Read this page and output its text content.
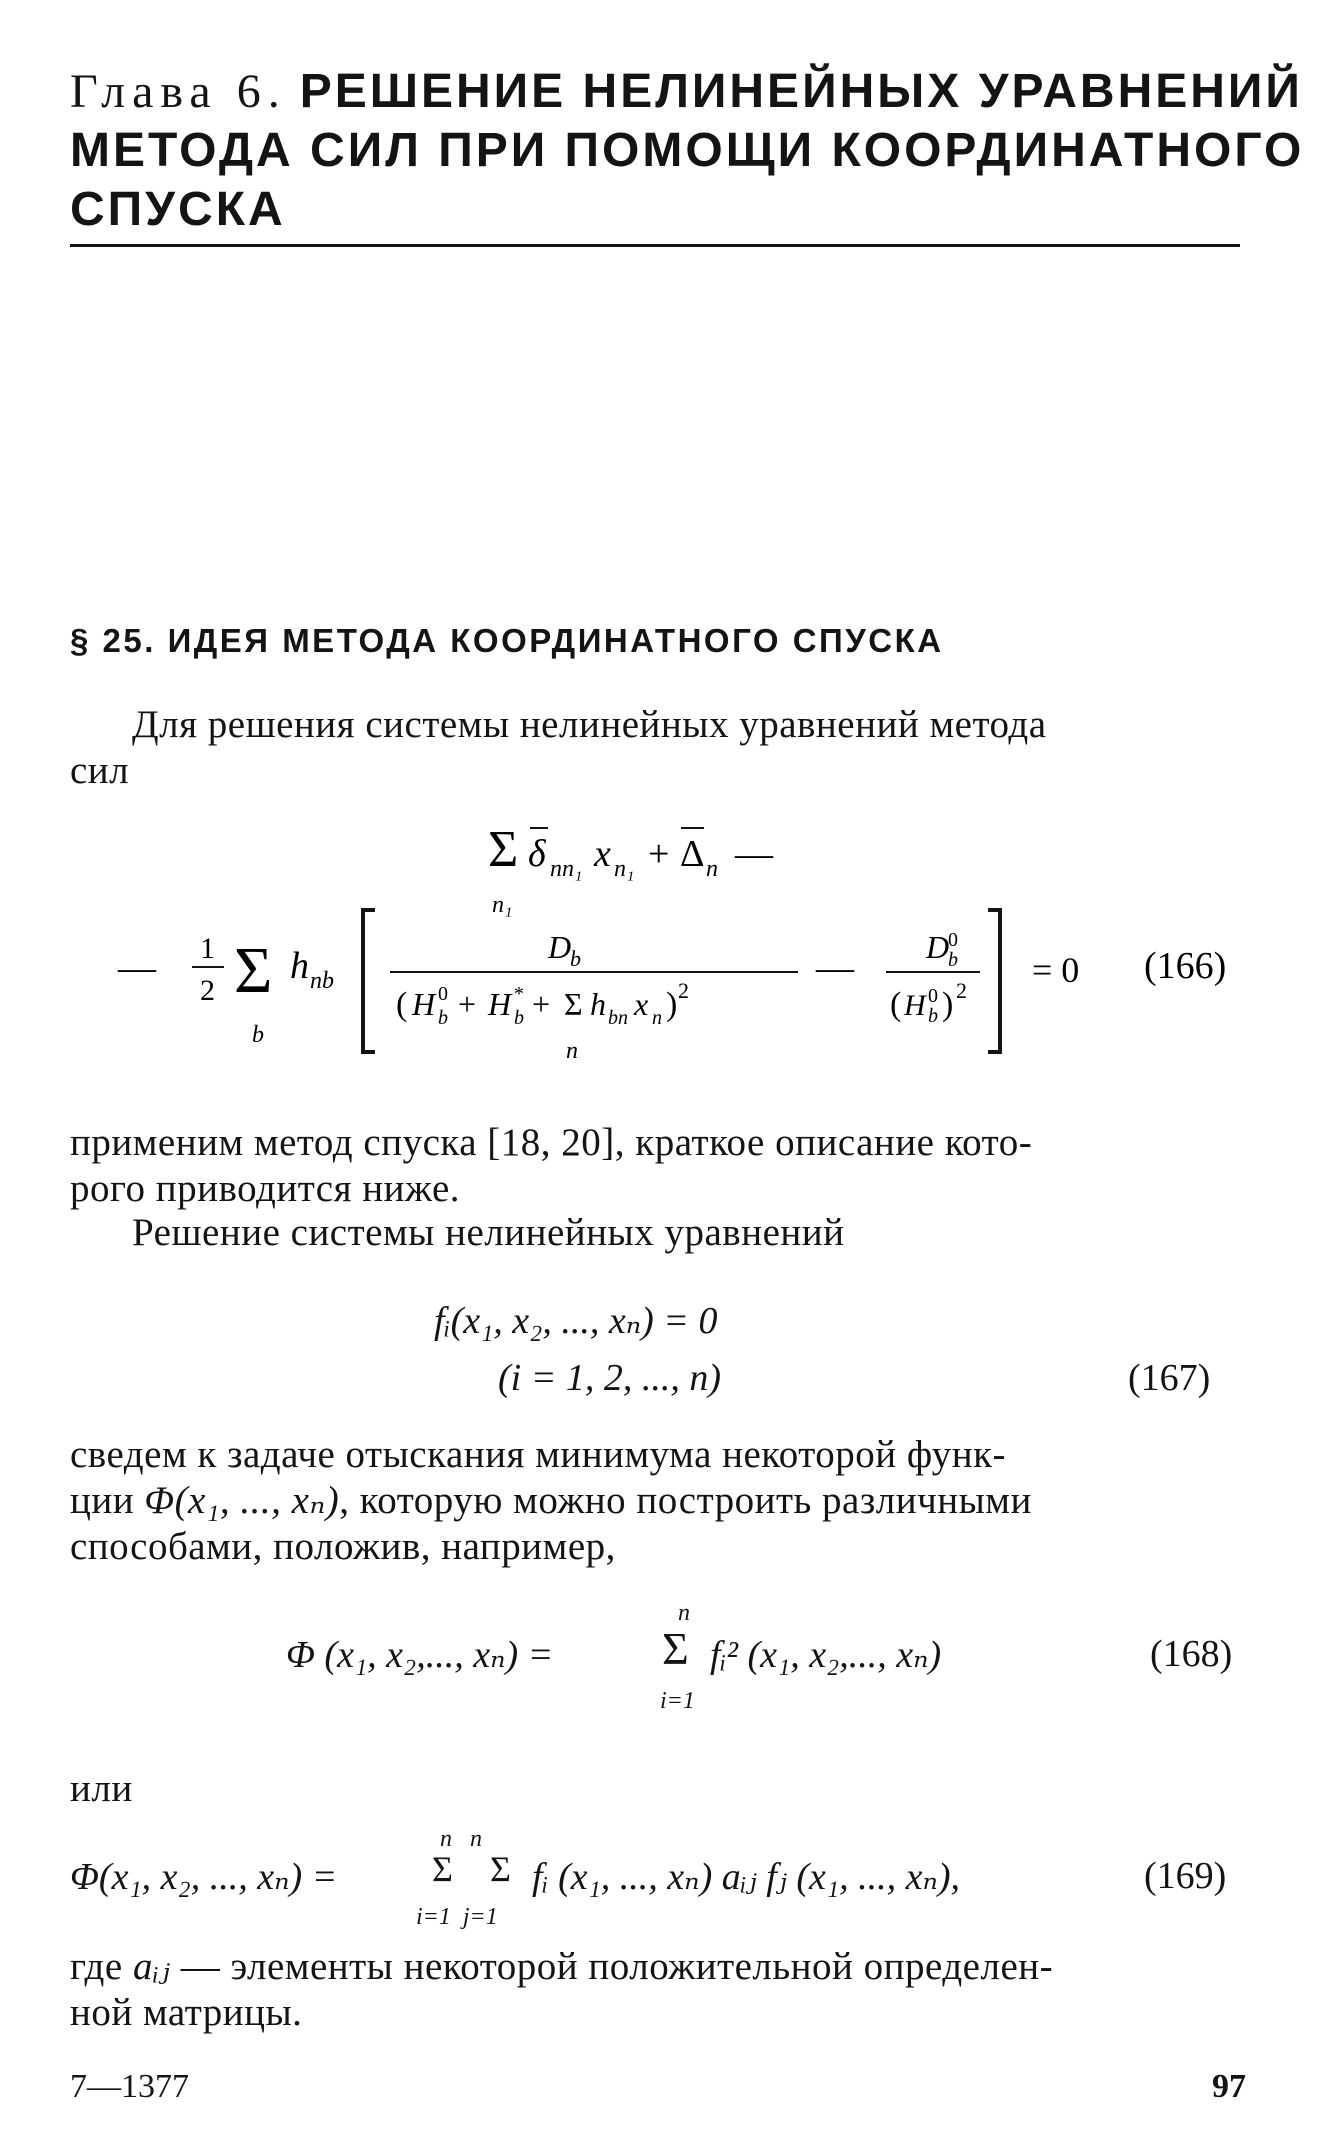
Глава 6. РЕШЕНИЕ НЕЛИНЕЙНЫХ УРАВНЕНИЙ
МЕТОДА СИЛ ПРИ ПОМОЩИ КООРДИНАТНОГО
СПУСКА
§ 25. ИДЕЯ МЕТОДА КООРДИНАТНОГО СПУСКА
Для решения системы нелинейных уравнений метода
сил
Σ δ nn₁ x n₁ + Δ n —
n₁
— 1
2 Σ
b
h nb
D
b
( H 0
b + H *
b + Σ h bn x n ) 2
n
— D
0
b
( H 0
b ) 2
= 0 (166)
применим метод спуска [18, 20], краткое описание кото-
рого приводится ниже.
Решение системы нелинейных уравнений
fᵢ(x₁, x₂, ..., xₙ) = 0
(i = 1, 2, ..., n)	(167)
сведем к задаче отыскания минимума некоторой функ-
ции Φ(x₁, ..., xₙ), которую можно построить различными
способами, положив, например,
Φ (x₁, x₂,..., xₙ) =
n
Σ
i=1
fᵢ² (x₁, x₂,..., xₙ)	(168)
или
Φ(x₁, x₂, ..., xₙ) =
n   n
Σ Σ
i=1  j=1
fᵢ (x₁, ..., xₙ) aᵢⱼ fⱼ (x₁, ..., xₙ),	(169)
где aᵢⱼ — элементы некоторой положительной определен-
ной матрицы.
7—1377	97
